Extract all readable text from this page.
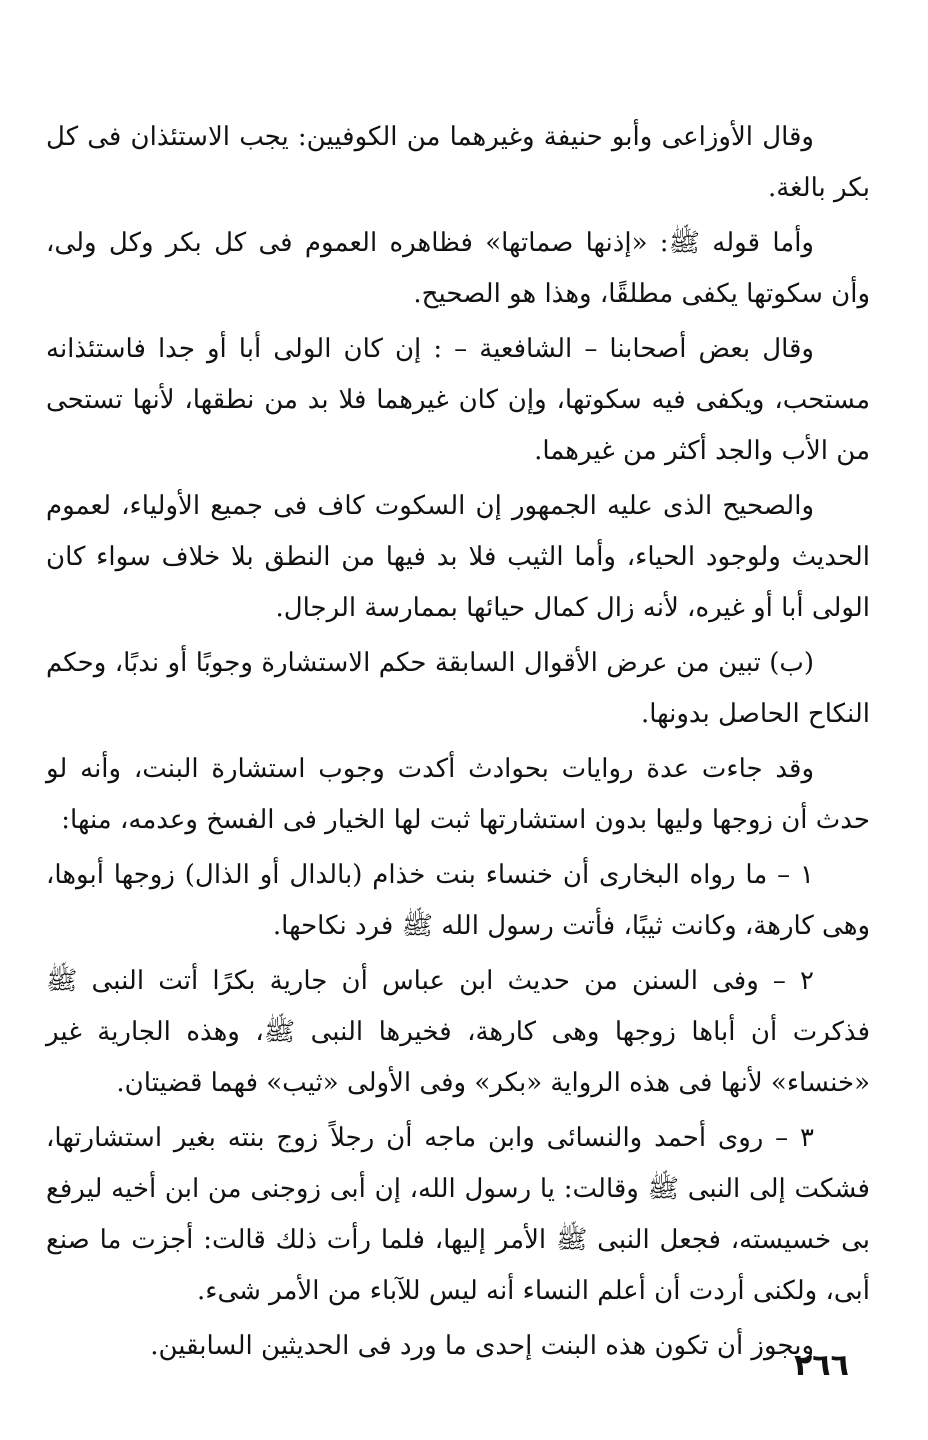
وقال الأوزاعى وأبو حنيفة وغيرهما من الكوفيين: يجب الاستئذان فى كل بكر بالغة.

وأما قوله ﷺ: «إذنها صماتها» فظاهره العموم فى كل بكر وكل ولى، وأن سكوتها يكفى مطلقًا، وهذا هو الصحيح.

وقال بعض أصحابنا – الشافعية – : إن كان الولى أبا أو جدا فاستئذانه مستحب، ويكفى فيه سكوتها، وإن كان غيرهما فلا بد من نطقها، لأنها تستحى من الأب والجد أكثر من غيرهما.

والصحيح الذى عليه الجمهور إن السكوت كاف فى جميع الأولياء، لعموم الحديث ولوجود الحياء، وأما الثيب فلا بد فيها من النطق بلا خلاف سواء كان الولى أبا أو غيره، لأنه زال كمال حيائها بممارسة الرجال.

(ب) تبين من عرض الأقوال السابقة حكم الاستشارة وجوبًا أو ندبًا، وحكم النكاح الحاصل بدونها.

وقد جاءت عدة روايات بحوادث أكدت وجوب استشارة البنت، وأنه لو حدث أن زوجها وليها بدون استشارتها ثبت لها الخيار فى الفسخ وعدمه، منها:

١ – ما رواه البخارى أن خنساء بنت خذام (بالدال أو الذال) زوجها أبوها، وهى كارهة، وكانت ثيبًا، فأتت رسول الله ﷺ فرد نكاحها.

٢ – وفى السنن من حديث ابن عباس أن جارية بكرًا أتت النبى ﷺ فذكرت أن أباها زوجها وهى كارهة، فخيرها النبى ﷺ، وهذه الجارية غير «خنساء» لأنها فى هذه الرواية «بكر» وفى الأولى «ثيب» فهما قضيتان.

٣ – روى أحمد والنسائى وابن ماجه أن رجلاً زوج بنته بغير استشارتها، فشكت إلى النبى ﷺ وقالت: يا رسول الله، إن أبى زوجنى من ابن أخيه ليرفع بى خسيسته، فجعل النبى ﷺ الأمر إليها، فلما رأت ذلك قالت: أجزت ما صنع أبى، ولكنى أردت أن أعلم النساء أنه ليس للآباء من الأمر شىء.

ويجوز أن تكون هذه البنت إحدى ما ورد فى الحديثين السابقين.

٢٦٦
